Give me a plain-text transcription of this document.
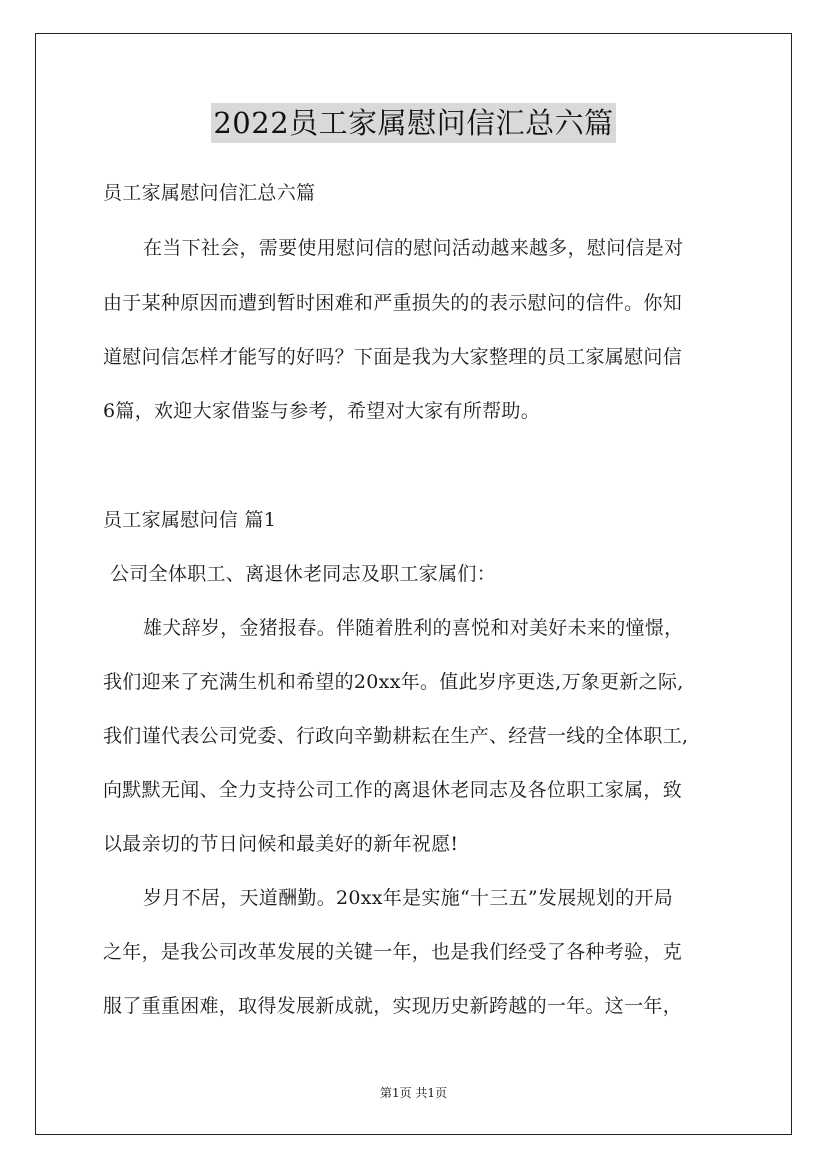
2022员工家属慰问信汇总六篇
员工家属慰问信汇总六篇
在当下社会，需要使用慰问信的慰问活动越来越多，慰问信是对
由于某种原因而遭到暂时困难和严重损失的的表示慰问的信件。你知
道慰问信怎样才能写的好吗？下面是我为大家整理的员工家属慰问信
6篇，欢迎大家借鉴与参考，希望对大家有所帮助。
员工家属慰问信 篇1
公司全体职工、离退休老同志及职工家属们：
雄犬辞岁，金猪报春。伴随着胜利的喜悦和对美好未来的憧憬，
我们迎来了充满生机和希望的20xx年。值此岁序更迭,万象更新之际,
我们谨代表公司党委、行政向辛勤耕耘在生产、经营一线的全体职工,
向默默无闻、全力支持公司工作的离退休老同志及各位职工家属，致
以最亲切的节日问候和最美好的新年祝愿!
岁月不居，天道酬勤。20xx年是实施“十三五”发展规划的开局
之年，是我公司改革发展的关键一年，也是我们经受了各种考验，克
服了重重困难，取得发展新成就，实现历史新跨越的一年。这一年，
第1页 共1页
